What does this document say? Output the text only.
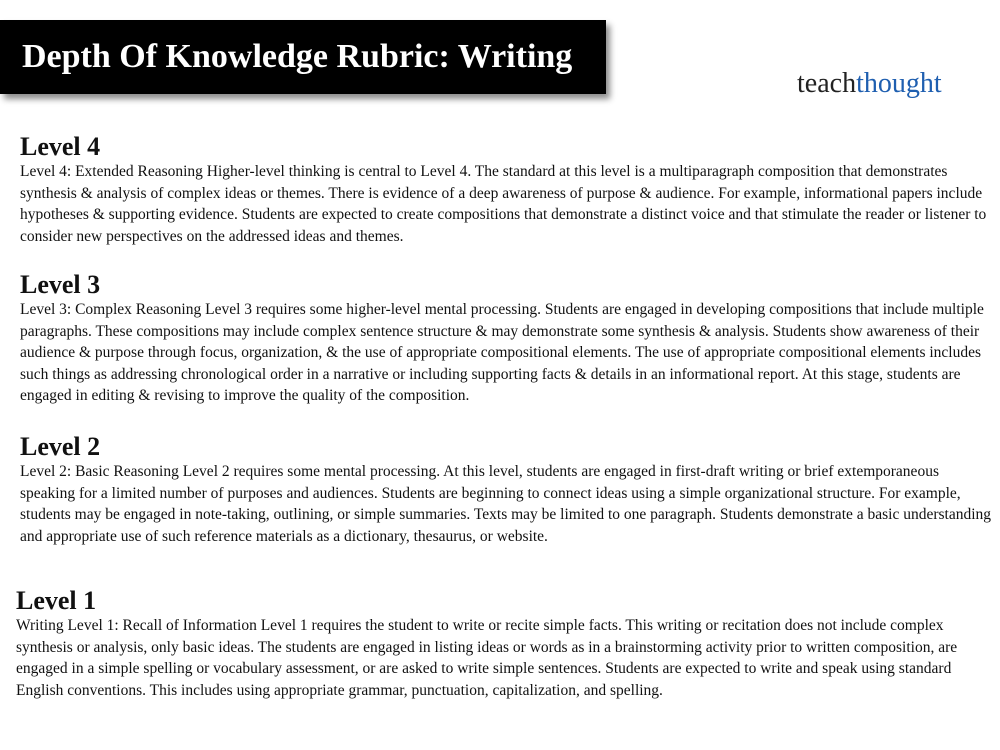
Depth Of Knowledge Rubric: Writing
teachthought
Level 4

Level 4: Extended Reasoning Higher-level thinking is central to Level 4. The standard at this level is a multiparagraph composition that demonstrates synthesis & analysis of complex ideas or themes. There is evidence of a deep awareness of purpose & audience. For example, informational papers include hypotheses & supporting evidence. Students are expected to create compositions that demonstrate a distinct voice and that stimulate the reader or listener to consider new perspectives on the addressed ideas and themes.

Level 3

Level 3: Complex Reasoning Level 3 requires some higher-level mental processing. Students are engaged in developing compositions that include multiple paragraphs. These compositions may include complex sentence structure & may demonstrate some synthesis & analysis. Students show awareness of their audience & purpose through focus, organization, & the use of appropriate compositional elements. The use of appropriate compositional elements includes such things as addressing chronological order in a narrative or including supporting facts & details in an informational report. At this stage, students are engaged in editing & revising to improve the quality of the composition.

Level 2

Level 2: Basic Reasoning Level 2 requires some mental processing. At this level, students are engaged in first-draft writing or brief extemporaneous speaking for a limited number of purposes and audiences. Students are beginning to connect ideas using a simple organizational structure. For example, students may be engaged in note-taking, outlining, or simple summaries. Texts may be limited to one paragraph. Students demonstrate a basic understanding and appropriate use of such reference materials as a dictionary, thesaurus, or website.

Level 1

Writing Level 1: Recall of Information Level 1 requires the student to write or recite simple facts. This writing or recitation does not include complex synthesis or analysis, only basic ideas. The students are engaged in listing ideas or words as in a brainstorming activity prior to written composition, are engaged in a simple spelling or vocabulary assessment, or are asked to write simple sentences. Students are expected to write and speak using standard English conventions. This includes using appropriate grammar, punctuation, capitalization, and spelling.
